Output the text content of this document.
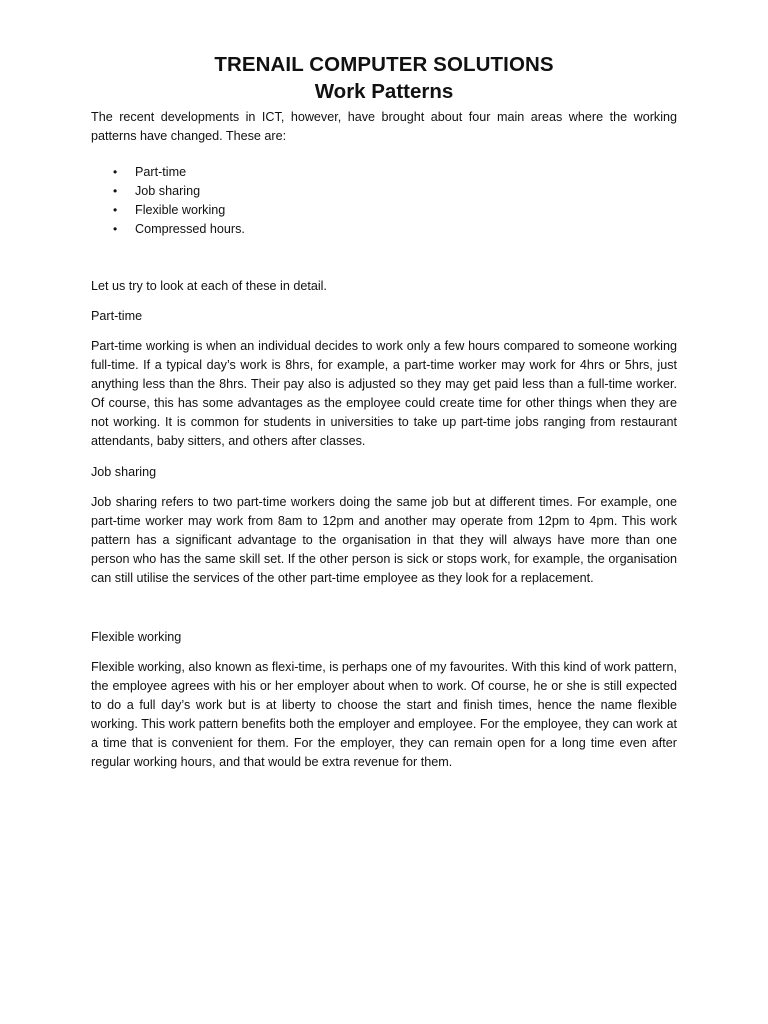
TRENAIL COMPUTER SOLUTIONS
Work Patterns

The recent developments in ICT, however, have brought about four main areas where the working patterns have changed. These are:

• Part-time
• Job sharing
• Flexible working
• Compressed hours.

Let us try to look at each of these in detail.

Part-time

Part-time working is when an individual decides to work only a few hours compared to someone working full-time. If a typical day’s work is 8hrs, for example, a part-time worker may work for 4hrs or 5hrs, just anything less than the 8hrs. Their pay also is adjusted so they may get paid less than a full-time worker. Of course, this has some advantages as the employee could create time for other things when they are not working. It is common for students in universities to take up part-time jobs ranging from restaurant attendants, baby sitters, and others after classes.

Job sharing

Job sharing refers to two part-time workers doing the same job but at different times. For example, one part-time worker may work from 8am to 12pm and another may operate from 12pm to 4pm. This work pattern has a significant advantage to the organisation in that they will always have more than one person who has the same skill set. If the other person is sick or stops work, for example, the organisation can still utilise the services of the other part-time employee as they look for a replacement.

Flexible working

Flexible working, also known as flexi-time, is perhaps one of my favourites. With this kind of work pattern, the employee agrees with his or her employer about when to work. Of course, he or she is still expected to do a full day’s work but is at liberty to choose the start and finish times, hence the name flexible working. This work pattern benefits both the employer and employee. For the employee, they can work at a time that is convenient for them. For the employer, they can remain open for a long time even after regular working hours, and that would be extra revenue for them.
